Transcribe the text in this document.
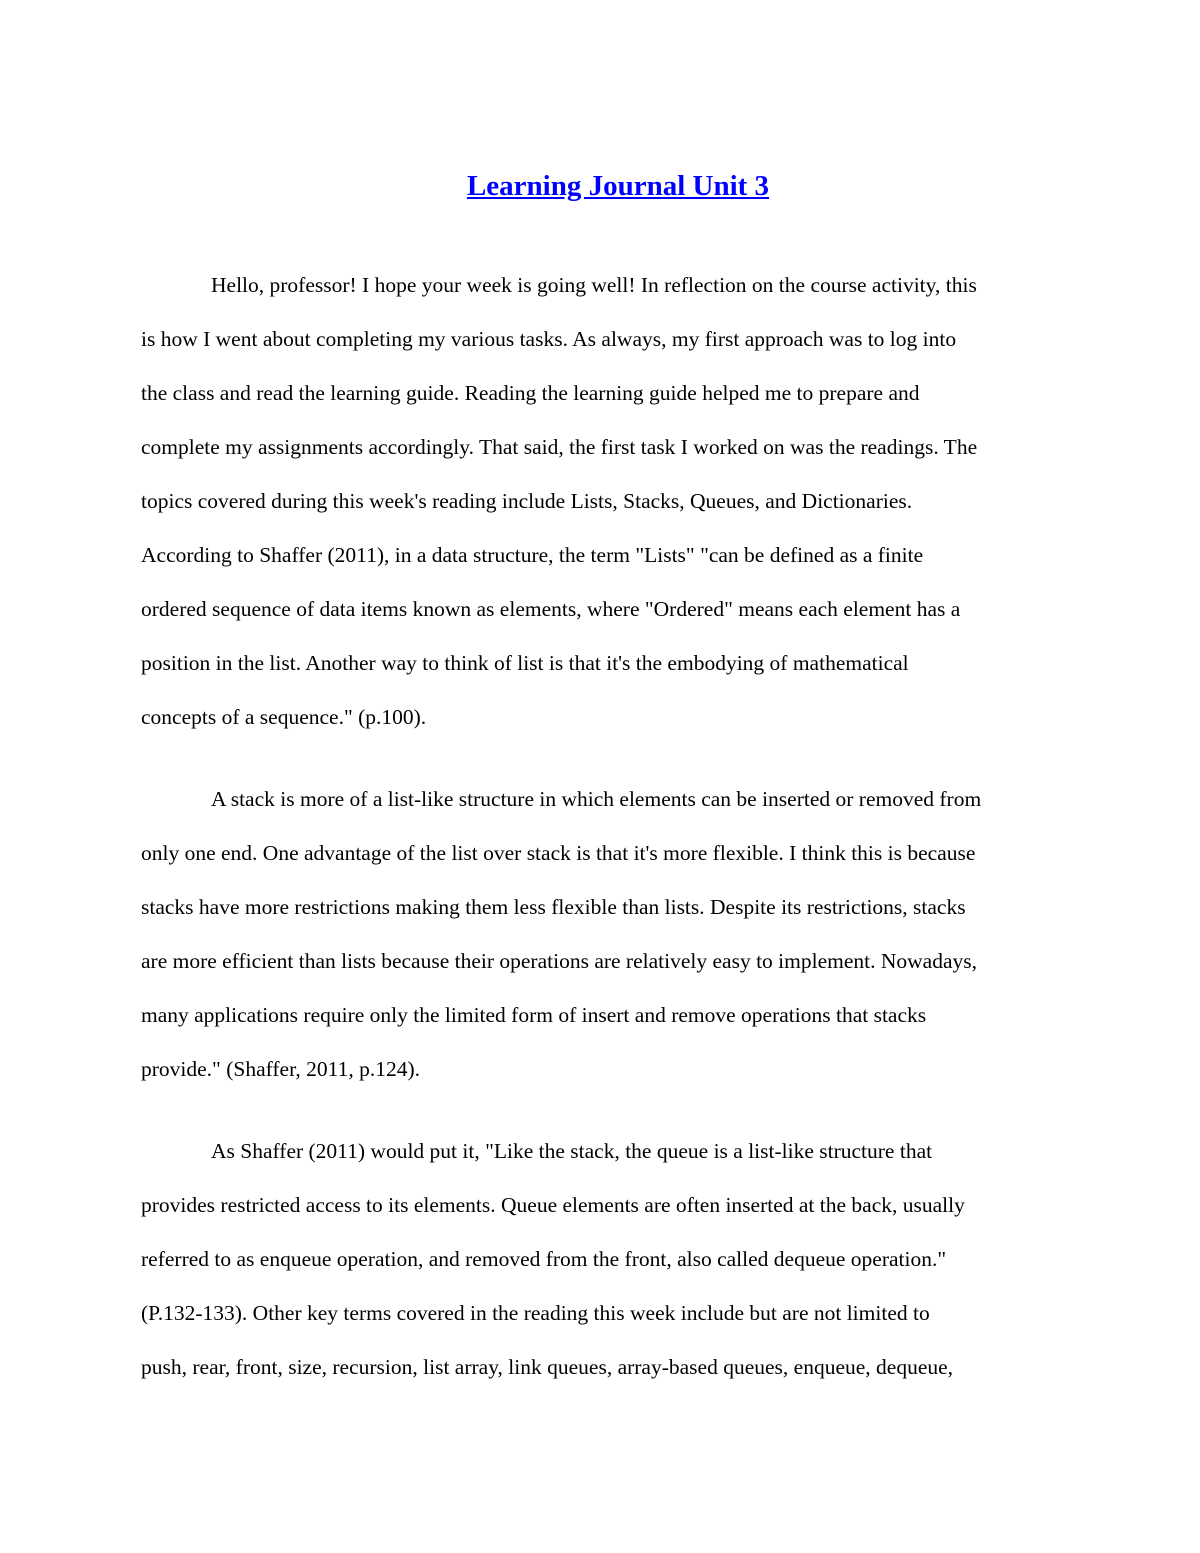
Learning Journal Unit 3
Hello, professor! I hope your week is going well! In reflection on the course activity, this
is how I went about completing my various tasks. As always, my first approach was to log into
the class and read the learning guide. Reading the learning guide helped me to prepare and
complete my assignments accordingly. That said, the first task I worked on was the readings. The
topics covered during this week's reading include Lists, Stacks, Queues, and Dictionaries.
According to Shaffer (2011), in a data structure, the term "Lists" "can be defined as a finite
ordered sequence of data items known as elements, where "Ordered" means each element has a
position in the list. Another way to think of list is that it's the embodying of mathematical
concepts of a sequence." (p.100).
A stack is more of a list-like structure in which elements can be inserted or removed from
only one end. One advantage of the list over stack is that it's more flexible. I think this is because
stacks have more restrictions making them less flexible than lists. Despite its restrictions, stacks
are more efficient than lists because their operations are relatively easy to implement. Nowadays,
many applications require only the limited form of insert and remove operations that stacks
provide." (Shaffer, 2011, p.124).
As Shaffer (2011) would put it, "Like the stack, the queue is a list-like structure that
provides restricted access to its elements. Queue elements are often inserted at the back, usually
referred to as enqueue operation, and removed from the front, also called dequeue operation."
(P.132-133). Other key terms covered in the reading this week include but are not limited to
push, rear, front, size, recursion, list array, link queues, array-based queues, enqueue, dequeue,
